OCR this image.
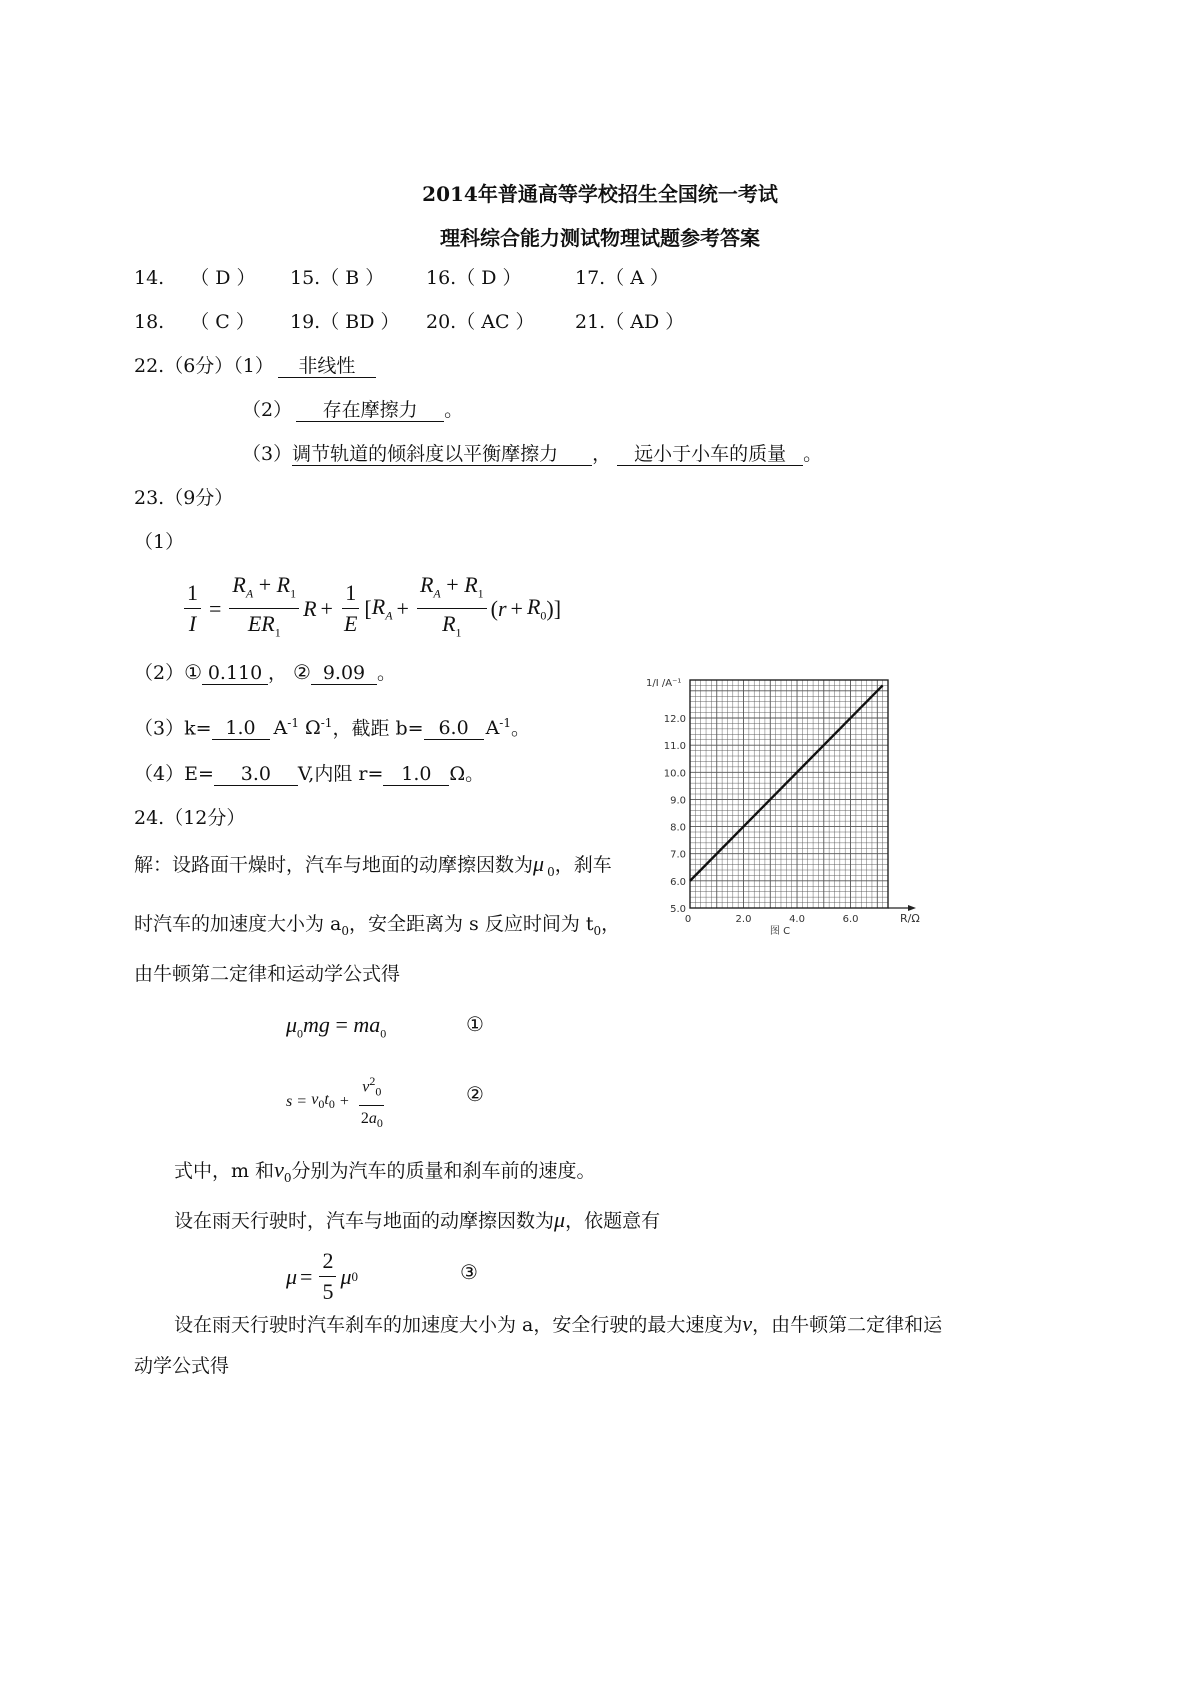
2014年普通高等学校招生全国统一考试
理科综合能力测试物理试题参考答案
14. （ D ） 15.（ B ） 16.（ D ）	17.（ A ）
18. （ C ） 19.（ BD ） 20.（ AC ） 21.（ AD ）
22.（6分）（1） 非线性
（2） 存在摩擦力 。
（3）调节轨道的倾斜度以平衡摩擦力 ， 远小于小车的质量 。
23.（9分）
（1）
$\frac{1}{I} = \frac{R_A + R_1}{ER_1}$ $R + \frac{1}{E}$ [ $R_A + \frac{R_A + R_1}{R_1}$ ( $r + R_0$ )]
（2）① 0.110 ， ② 9.09 。
（3）k= 1.0 $A^{-1}$ $\Omega^{-1}$，截距 b= 6.0 $A^{-1}$。
（4）E= 3.0 V,内阻 r= 1.0 Ω。
0	2.0	4.0	6.0
5.0
6.0
7.0
8.0
9.0
10.0
11.0
12.0
R/Ω
1/I /A⁻¹
图 C
24.（12分）
解：设路面干燥时，汽车与地面的动摩擦因数为μ $_0$，刹车
时汽车的加速度大小为 $a_0$，安全距离为 s 反应时间为 $t_0$，
由牛顿第二定律和运动学公式得
$\mu_0mg = ma_0$	①
$s = v_0t_0 + \frac{v^2_0}{2a_0}$	②
式中，m 和$v_0$分别为汽车的质量和刹车前的速度。
设在雨天行驶时，汽车与地面的动摩擦因数为μ，依题意有
$\mu = \frac{2}{5}$ μ 0	③
设在雨天行驶时汽车刹车的加速度大小为 a，安全行驶的最大速度为v，由牛顿第二定律和运
动学公式得
